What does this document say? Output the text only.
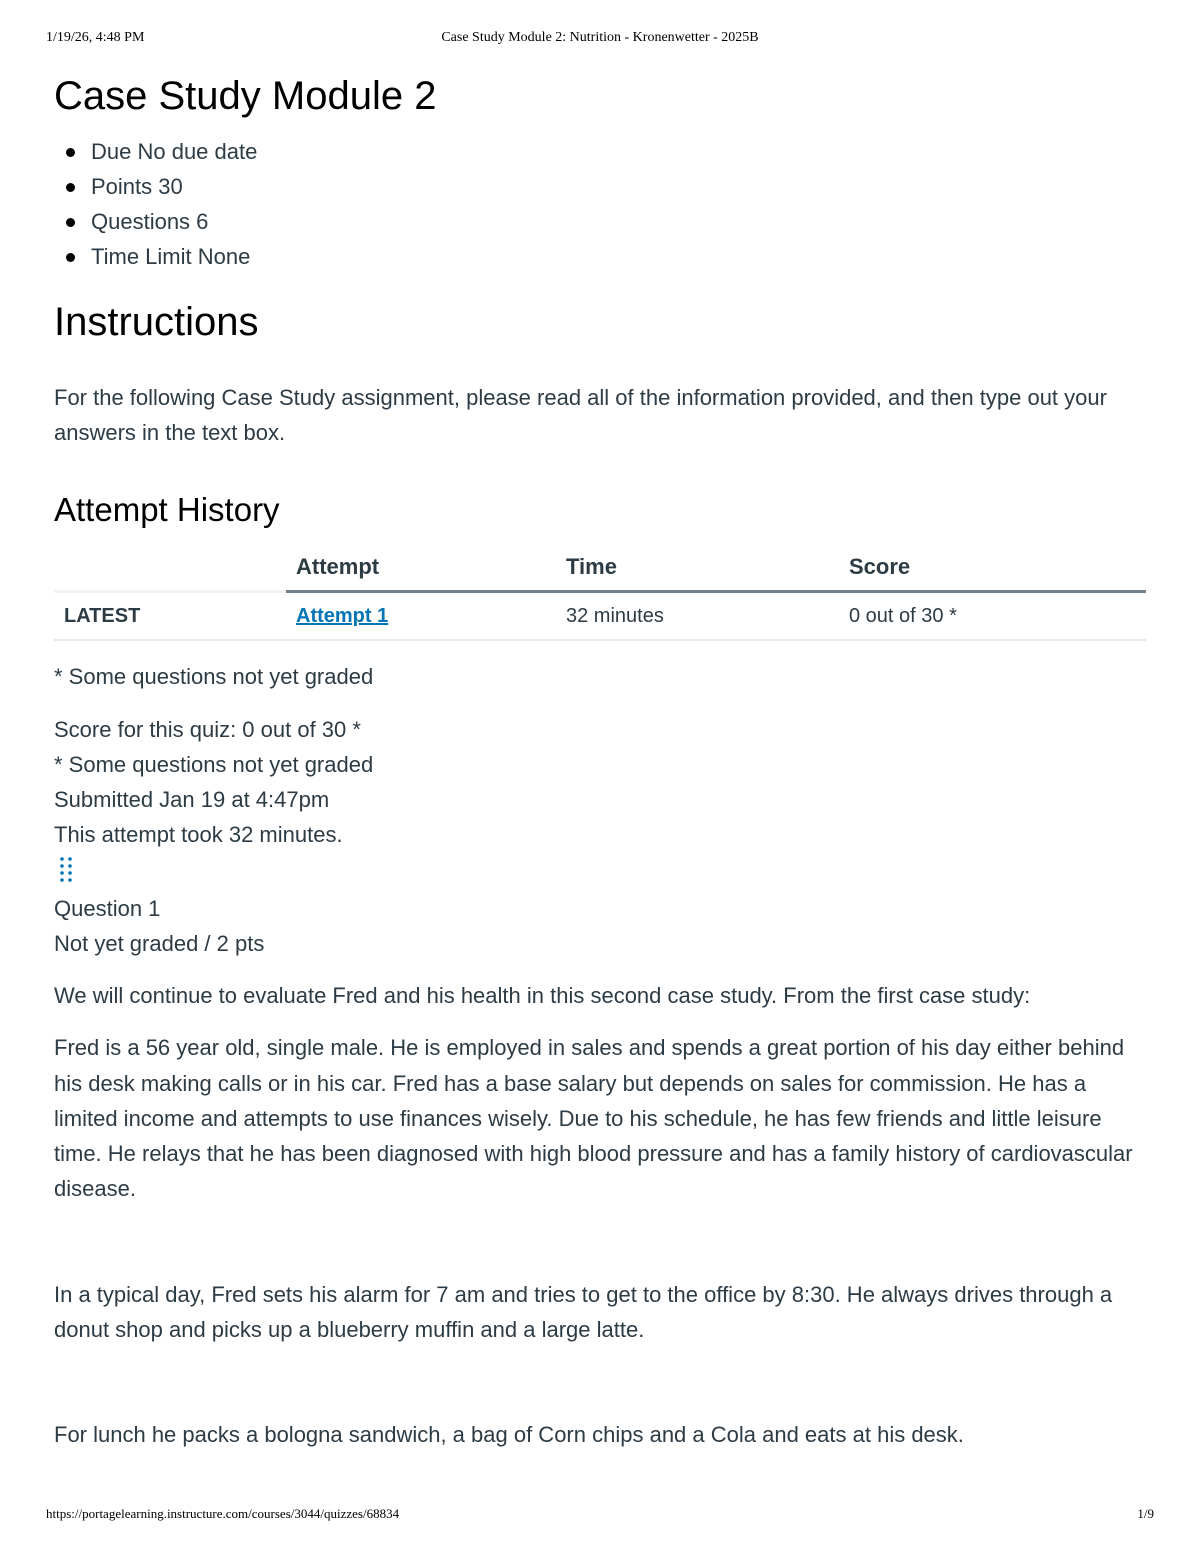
1/19/26, 4:48 PM	Case Study Module 2: Nutrition - Kronenwetter - 2025B
Case Study Module 2
Due No due date
Points 30
Questions 6
Time Limit None
Instructions

For the following Case Study assignment, please read all of the information provided, and then type out your answers in the text box.

Attempt History
	Attempt	Time	Score
LATEST	Attempt 1	32 minutes	0 out of 30 *
* Some questions not yet graded
Score for this quiz: 0 out of 30 *
* Some questions not yet graded
Submitted Jan 19 at 4:47pm
This attempt took 32 minutes.
Question 1
Not yet graded / 2 pts

We will continue to evaluate Fred and his health in this second case study. From the first case study:

Fred is a 56 year old, single male. He is employed in sales and spends a great portion of his day either behind his desk making calls or in his car. Fred has a base salary but depends on sales for commission. He has a limited income and attempts to use finances wisely. Due to his schedule, he has few friends and little leisure time. He relays that he has been diagnosed with high blood pressure and has a family history of cardiovascular disease.

In a typical day, Fred sets his alarm for 7 am and tries to get to the office by 8:30. He always drives through a donut shop and picks up a blueberry muffin and a large latte.

For lunch he packs a bologna sandwich, a bag of Corn chips and a Cola and eats at his desk.

https://portagelearning.instructure.com/courses/3044/quizzes/68834	1/9
